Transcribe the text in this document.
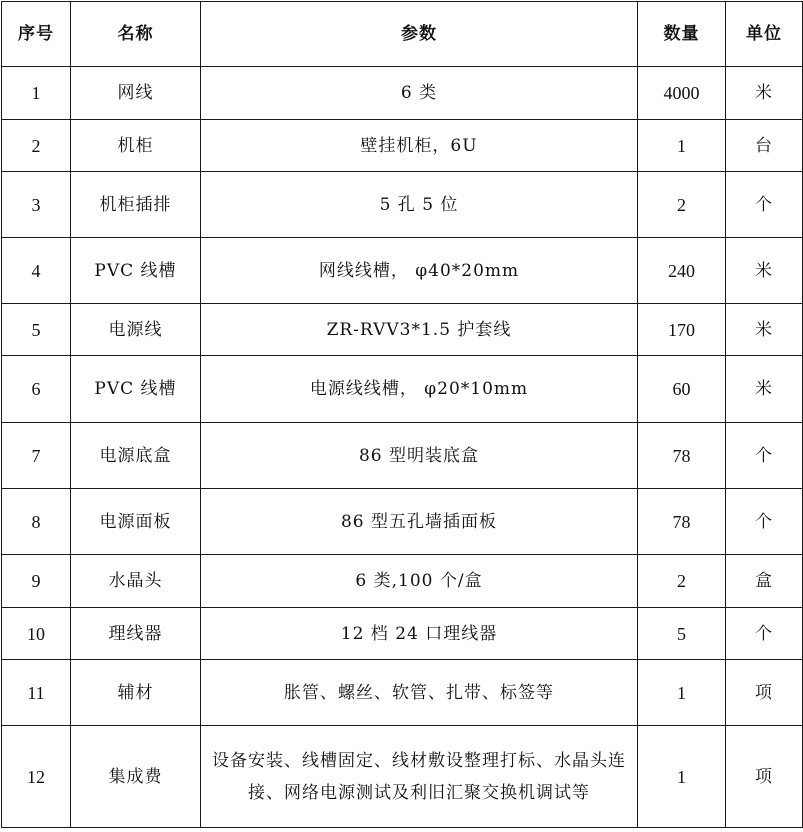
序号	名称	参数	数量	单位
1	网线	6 类	4000	米
2	机柜	壁挂机柜，6U	1	台
3	机柜插排	5 孔 5 位	2	个
4	PVC 线槽	网线线槽， φ40*20mm	240	米
5	电源线	ZR-RVV3*1.5 护套线	170	米
6	PVC 线槽	电源线线槽， φ20*10mm	60	米
7	电源底盒	86 型明装底盒	78	个
8	电源面板	86 型五孔墙插面板	78	个
9	水晶头	6 类,100 个/盒	2	盒
10	理线器	12 档 24 口理线器	5	个
11	辅材	胀管、螺丝、软管、扎带、标签等	1	项
12	集成费	设备安装、线槽固定、线材敷设整理打标、水晶头连接、网络电源测试及利旧汇聚交换机调试等	1	项
